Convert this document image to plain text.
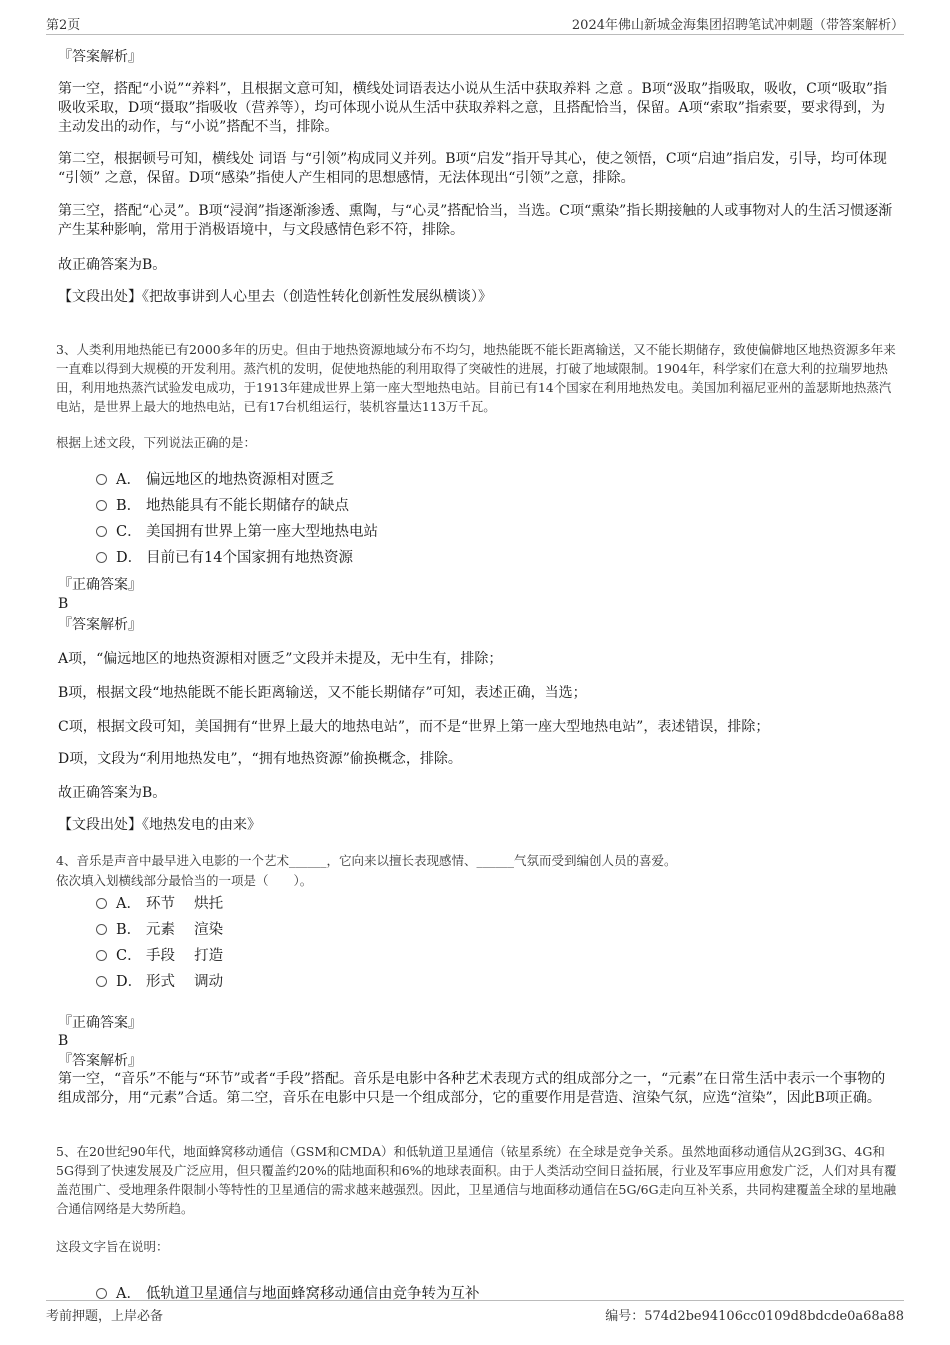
第2页	2024年佛山新城金海集团招聘笔试冲刺题（带答案解析）
『答案解析』

第一空，搭配“小说”“养料”，且根据文意可知，横线处词语表达小说从生活中获取养料 之意 。B项“汲取”指吸取，吸收，C项“吸取”指吸收采取，D项“摄取”指吸收（营养等），均可体现小说从生活中获取养料之意，且搭配恰当，保留。A项“索取”指索要，要求得到，为主动发出的动作，与“小说”搭配不当，排除。

第二空，根据顿号可知，横线处 词语 与“引领”构成同义并列。B项“启发”指开导其心，使之领悟，C项“启迪”指启发，引导，均可体现 “引领” 之意，保留。D项“感染”指使人产生相同的思想感情，无法体现出“引领”之意，排除。

第三空，搭配“心灵”。B项“浸润”指逐渐渗透、熏陶，与“心灵”搭配恰当，当选。C项“熏染”指长期接触的人或事物对人的生活习惯逐渐产生某种影响，常用于消极语境中，与文段感情色彩不符，排除。

故正确答案为B。

【文段出处】《把故事讲到人心里去（创造性转化创新性发展纵横谈）》

3、人类利用地热能已有2000多年的历史。但由于地热资源地域分布不均匀，地热能既不能长距离输送，又不能长期储存，致使偏僻地区地热资源多年来一直难以得到大规模的开发利用。蒸汽机的发明，促使地热能的利用取得了突破性的进展，打破了地域限制。1904年，科学家们在意大利的拉瑞罗地热田，利用地热蒸汽试验发电成功，于1913年建成世界上第一座大型地热电站。目前已有14个国家在利用地热发电。美国加利福尼亚州的盖瑟斯地热蒸汽电站，是世界上最大的地热电站，已有17台机组运行，装机容量达113万千瓦。

根据上述文段，下列说法正确的是：

A． 偏远地区的地热资源相对匮乏
B． 地热能具有不能长期储存的缺点
C． 美国拥有世界上第一座大型地热电站
D． 目前已有14个国家拥有地热资源
『正确答案』
B
『答案解析』

A项，“偏远地区的地热资源相对匮乏”文段并未提及，无中生有，排除；

B项，根据文段“地热能既不能长距离输送，又不能长期储存”可知，表述正确，当选；

C项，根据文段可知，美国拥有“世界上最大的地热电站”，而不是“世界上第一座大型地热电站”，表述错误，排除；

D项，文段为“利用地热发电”，“拥有地热资源”偷换概念，排除。

故正确答案为B。

【文段出处】《地热发电的由来》

4、音乐是声音中最早进入电影的一个艺术______，它向来以擅长表现感情、______气氛而受到编创人员的喜爱。

依次填入划横线部分最恰当的一项是（　　）。

A． 环节　 烘托
B． 元素　 渲染
C． 手段　 打造
D． 形式　 调动
『正确答案』
B
『答案解析』

第一空，“音乐”不能与“环节”或者“手段”搭配。音乐是电影中各种艺术表现方式的组成部分之一，“元素”在日常生活中表示一个事物的组成部分，用“元素”合适。第二空，音乐在电影中只是一个组成部分，它的重要作用是营造、渲染气氛，应选“渲染”，因此B项正确。

5、在20世纪90年代，地面蜂窝移动通信（GSM和CMDA）和低轨道卫星通信（铱星系统）在全球是竞争关系。虽然地面移动通信从2G到3G、4G和5G得到了快速发展及广泛应用，但只覆盖约20%的陆地面积和6%的地球表面积。由于人类活动空间日益拓展，行业及军事应用愈发广泛，人们对具有覆盖范围广、受地理条件限制小等特性的卫星通信的需求越来越强烈。因此，卫星通信与地面移动通信在5G/6G走向互补关系，共同构建覆盖全球的星地融合通信网络是大势所趋。

这段文字旨在说明：

A． 低轨道卫星通信与地面蜂窝移动通信由竞争转为互补
考前押题，上岸必备	编号：574d2be94106cc0109d8bdcde0a68a88
